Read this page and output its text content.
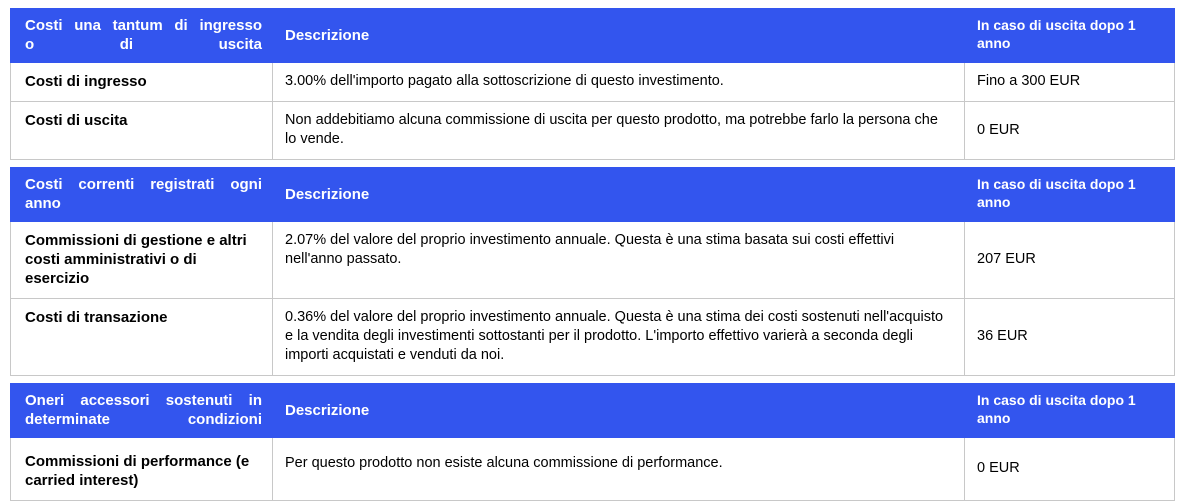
Costi una tantum di ingresso
o di uscita	Descrizione	In caso di uscita dopo 1 anno
Costi di ingresso	3.00% dell'importo pagato alla sottoscrizione di questo investimento.	Fino a 300 EUR
Costi di uscita	Non addebitiamo alcuna commissione di uscita per questo prodotto, ma potrebbe farlo la persona che lo vende.	0 EUR
Costi correnti registrati ogni
anno	Descrizione	In caso di uscita dopo 1 anno
Commissioni di gestione e altri costi amministrativi o di esercizio	2.07% del valore del proprio investimento annuale. Questa è una stima basata sui costi effettivi nell'anno passato.	207 EUR
Costi di transazione	0.36% del valore del proprio investimento annuale. Questa è una stima dei costi sostenuti nell'acquisto e la vendita degli investimenti sottostanti per il prodotto. L'importo effettivo varierà a seconda degli importi acquistati e venduti da noi.	36 EUR
Oneri accessori sostenuti in
determinate condizioni	Descrizione	In caso di uscita dopo 1 anno
Commissioni di performance (e carried interest)	Per questo prodotto non esiste alcuna commissione di performance.	0 EUR
